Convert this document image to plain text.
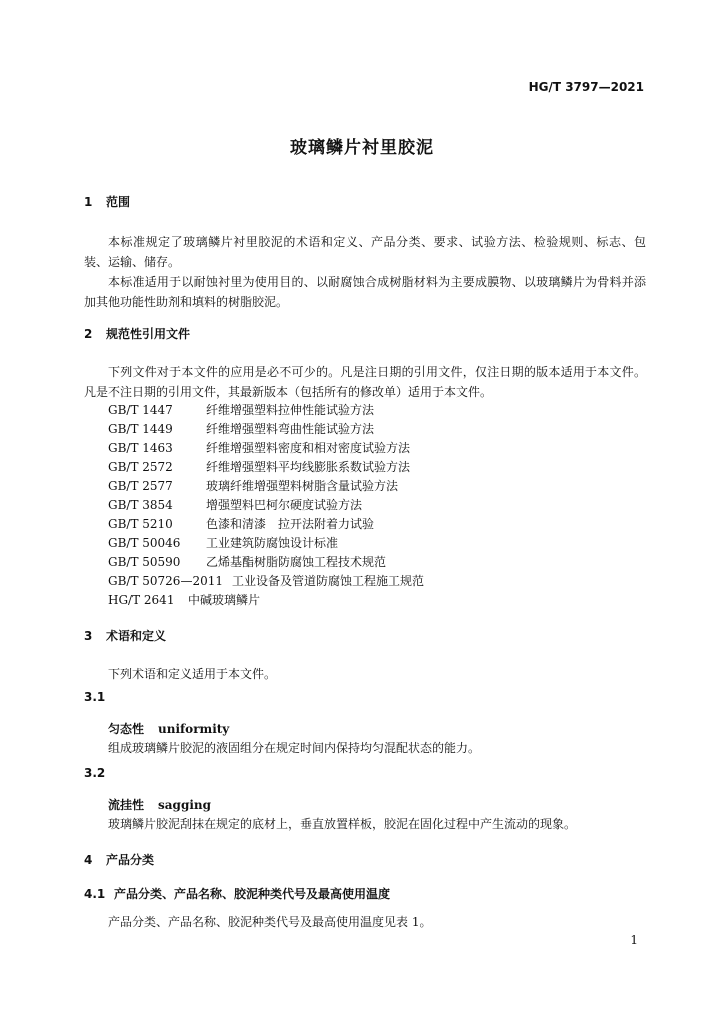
HG/T 3797—2021
玻璃鳞片衬里胶泥
1 范围
本标准规定了玻璃鳞片衬里胶泥的术语和定义、产品分类、要求、试验方法、检验规则、标志、包装、运输、储存。
本标准适用于以耐蚀衬里为使用目的、以耐腐蚀合成树脂材料为主要成膜物、以玻璃鳞片为骨料并添加其他功能性助剂和填料的树脂胶泥。
2 规范性引用文件
下列文件对于本文件的应用是必不可少的。凡是注日期的引用文件，仅注日期的版本适用于本文件。凡是不注日期的引用文件，其最新版本（包括所有的修改单）适用于本文件。
GB/T 1447	纤维增强塑料拉伸性能试验方法
GB/T 1449	纤维增强塑料弯曲性能试验方法
GB/T 1463	纤维增强塑料密度和相对密度试验方法
GB/T 2572	纤维增强塑料平均线膨胀系数试验方法
GB/T 2577	玻璃纤维增强塑料树脂含量试验方法
GB/T 3854	增强塑料巴柯尔硬度试验方法
GB/T 5210	色漆和清漆　拉开法附着力试验
GB/T 50046 工业建筑防腐蚀设计标准
GB/T 50590 乙烯基酯树脂防腐蚀工程技术规范
GB/T 50726—2011 工业设备及管道防腐蚀工程施工规范
HG/T 2641 中碱玻璃鳞片
3 术语和定义
下列术语和定义适用于本文件。
3.1
匀态性 uniformity
组成玻璃鳞片胶泥的液固组分在规定时间内保持均匀混配状态的能力。
3.2
流挂性 sagging
玻璃鳞片胶泥刮抹在规定的底材上，垂直放置样板，胶泥在固化过程中产生流动的现象。
4 产品分类
4.1 产品分类、产品名称、胶泥种类代号及最高使用温度
产品分类、产品名称、胶泥种类代号及最高使用温度见表 1。
1
